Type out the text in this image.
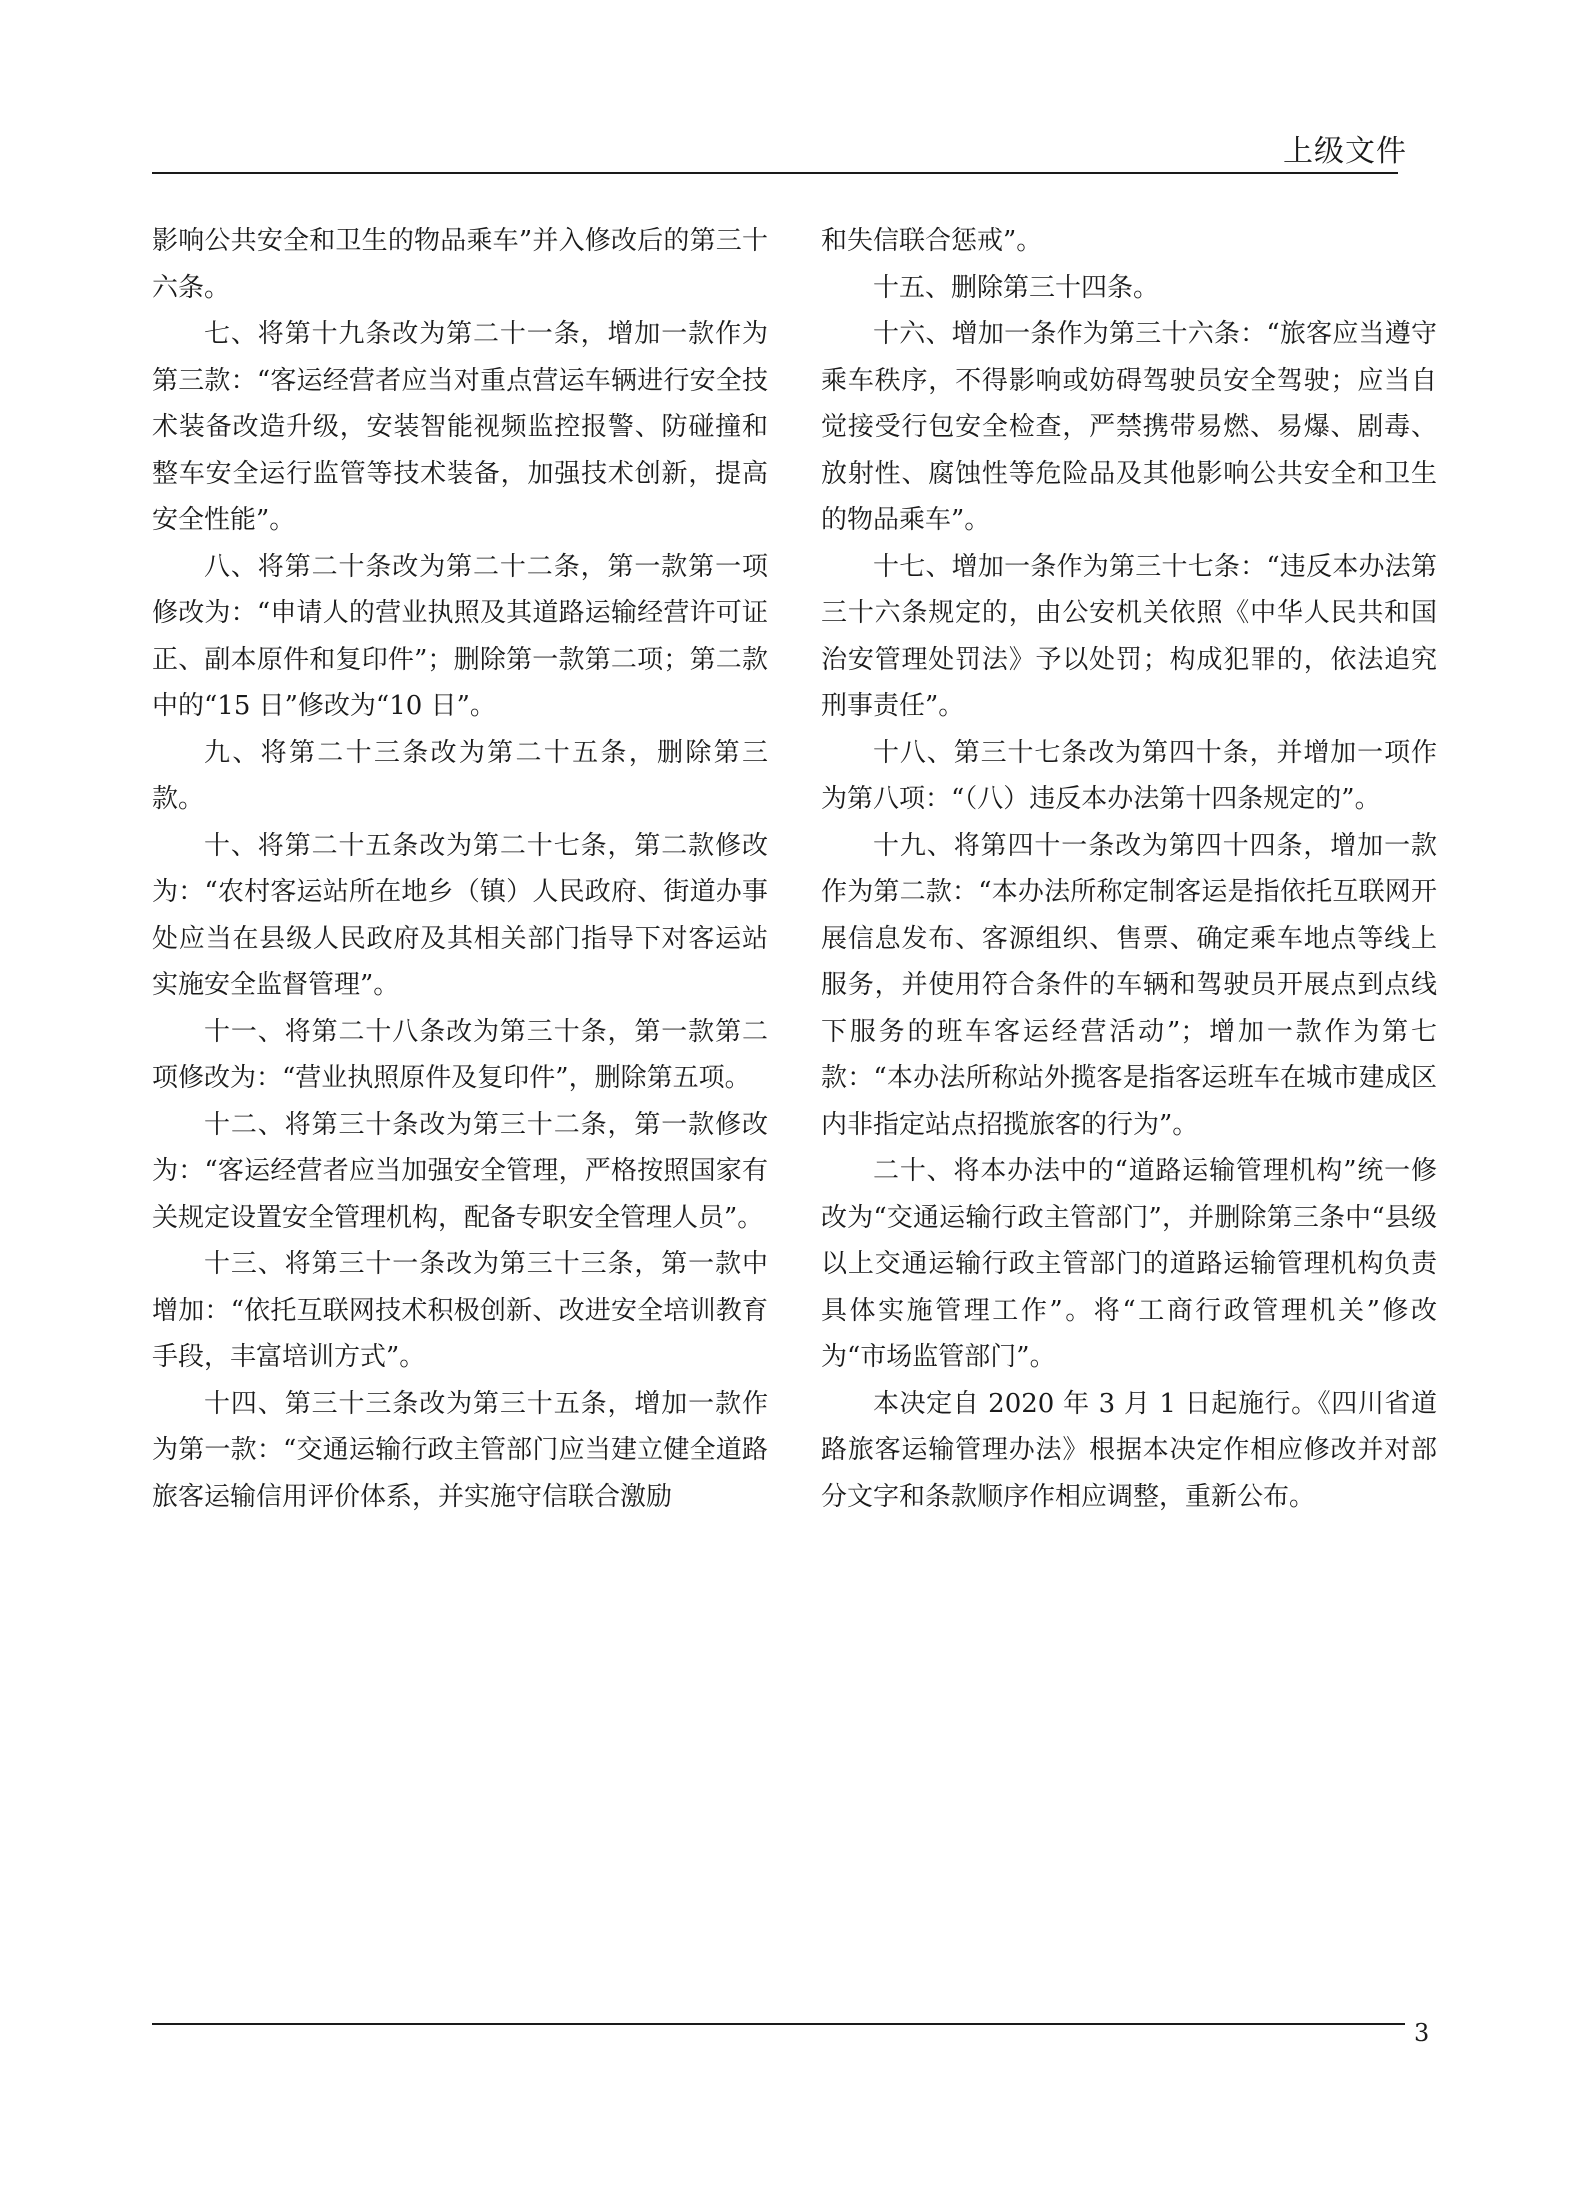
上级文件

影响公共安全和卫生的物品乘车”并入修改后的第三十六条。

七、将第十九条改为第二十一条，增加一款作为第三款：“客运经营者应当对重点营运车辆进行安全技术装备改造升级，安装智能视频监控报警、防碰撞和整车安全运行监管等技术装备，加强技术创新，提高安全性能”。

八、将第二十条改为第二十二条，第一款第一项修改为：“申请人的营业执照及其道路运输经营许可证正、副本原件和复印件”；删除第一款第二项；第二款中的“15 日”修改为“10 日”。

九、将第二十三条改为第二十五条，删除第三款。

十、将第二十五条改为第二十七条，第二款修改为：“农村客运站所在地乡（镇）人民政府、街道办事处应当在县级人民政府及其相关部门指导下对客运站实施安全监督管理”。

十一、将第二十八条改为第三十条，第一款第二项修改为：“营业执照原件及复印件”，删除第五项。

十二、将第三十条改为第三十二条，第一款修改为：“客运经营者应当加强安全管理，严格按照国家有关规定设置安全管理机构，配备专职安全管理人员”。

十三、将第三十一条改为第三十三条，第一款中增加：“依托互联网技术积极创新、改进安全培训教育手段，丰富培训方式”。

十四、第三十三条改为第三十五条，增加一款作为第一款：“交通运输行政主管部门应当建立健全道路旅客运输信用评价体系，并实施守信联合激励

和失信联合惩戒”。

十五、删除第三十四条。

十六、增加一条作为第三十六条：“旅客应当遵守乘车秩序，不得影响或妨碍驾驶员安全驾驶；应当自觉接受行包安全检查，严禁携带易燃、易爆、剧毒、放射性、腐蚀性等危险品及其他影响公共安全和卫生的物品乘车”。

十七、增加一条作为第三十七条：“违反本办法第三十六条规定的，由公安机关依照《中华人民共和国治安管理处罚法》予以处罚；构成犯罪的，依法追究刑事责任”。

十八、第三十七条改为第四十条，并增加一项作为第八项：“（八）违反本办法第十四条规定的”。

十九、将第四十一条改为第四十四条，增加一款作为第二款：“本办法所称定制客运是指依托互联网开展信息发布、客源组织、售票、确定乘车地点等线上服务，并使用符合条件的车辆和驾驶员开展点到点线下服务的班车客运经营活动”；增加一款作为第七款：“本办法所称站外揽客是指客运班车在城市建成区内非指定站点招揽旅客的行为”。

二十、将本办法中的“道路运输管理机构”统一修改为“交通运输行政主管部门”，并删除第三条中“县级以上交通运输行政主管部门的道路运输管理机构负责具体实施管理工作”。将“工商行政管理机关”修改为“市场监管部门”。

本决定自 2020 年 3 月 1 日起施行。《四川省道路旅客运输管理办法》根据本决定作相应修改并对部分文字和条款顺序作相应调整，重新公布。

3
